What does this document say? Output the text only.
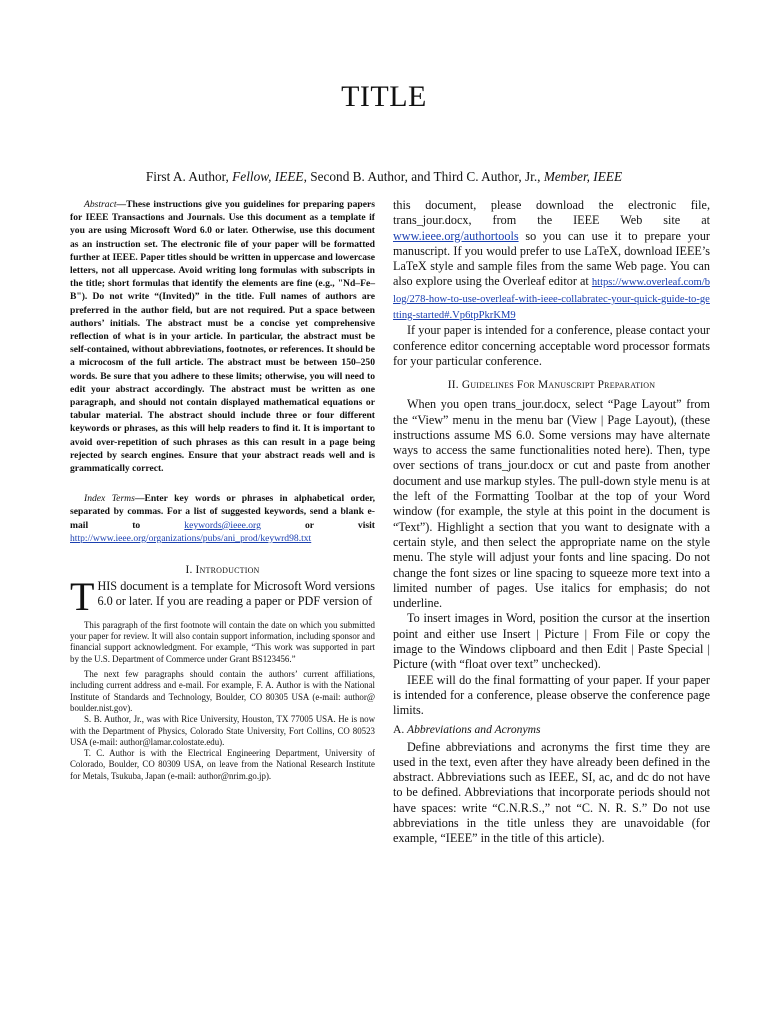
TITLE
First A. Author, Fellow, IEEE, Second B. Author, and Third C. Author, Jr., Member, IEEE

Abstract—These instructions give you guidelines for preparing papers for IEEE Transactions and Journals. Use this document as a template if you are using Microsoft Word 6.0 or later. Otherwise, use this document as an instruction set. The electronic file of your paper will be formatted further at IEEE. Paper titles should be written in uppercase and lowercase letters, not all uppercase. Avoid writing long formulas with subscripts in the title; short formulas that identify the elements are fine (e.g., "Nd–Fe–B"). Do not write “(Invited)” in the title. Full names of authors are preferred in the author field, but are not required. Put a space between authors’ initials. The abstract must be a concise yet comprehensive reflection of what is in your article. In particular, the abstract must be self-contained, without abbreviations, footnotes, or references. It should be a microcosm of the full article. The abstract must be between 150–250 words. Be sure that you adhere to these limits; otherwise, you will need to edit your abstract accordingly. The abstract must be written as one paragraph, and should not contain displayed mathematical equations or tabular material. The abstract should include three or four different keywords or phrases, as this will help readers to find it. It is important to avoid over-repetition of such phrases as this can result in a page being rejected by search engines. Ensure that your abstract reads well and is grammatically correct.

Index Terms—Enter key words or phrases in alphabetical order, separated by commas. For a list of suggested keywords, send a blank e-mail to keywords@ieee.org or visit http://www.ieee.org/organizations/pubs/ani_prod/keywrd98.txt

I. Introduction

THIS document is a template for Microsoft Word versions 6.0 or later. If you are reading a paper or PDF version of

This paragraph of the first footnote will contain the date on which you submitted your paper for review. It will also contain support information, including sponsor and financial support acknowledgment. For example, “This work was supported in part by the U.S. Department of Commerce under Grant BS123456.”

The next few paragraphs should contain the authors’ current affiliations, including current address and e-mail. For example, F. A. Author is with the National Institute of Standards and Technology, Boulder, CO 80305 USA (e-mail: author@ boulder.nist.gov).

S. B. Author, Jr., was with Rice University, Houston, TX 77005 USA. He is now with the Department of Physics, Colorado State University, Fort Collins, CO 80523 USA (e-mail: author@lamar.colostate.edu).

T. C. Author is with the Electrical Engineering Department, University of Colorado, Boulder, CO 80309 USA, on leave from the National Research Institute for Metals, Tsukuba, Japan (e-mail: author@nrim.go.jp).

this document, please download the electronic file, trans_jour.docx, from the IEEE Web site at www.ieee.org/authortools so you can use it to prepare your manuscript. If you would prefer to use LaTeX, download IEEE’s LaTeX style and sample files from the same Web page. You can also explore using the Overleaf editor at https://www.overleaf.com/blog/278-how-to-use-overleaf-with-ieee-collabratec-your-quick-guide-to-getting-started#.Vp6tpPkrKM9

If your paper is intended for a conference, please contact your conference editor concerning acceptable word processor formats for your particular conference.

II. Guidelines For Manuscript Preparation

When you open trans_jour.docx, select “Page Layout” from the “View” menu in the menu bar (View | Page Layout), (these instructions assume MS 6.0. Some versions may have alternate ways to access the same functionalities noted here). Then, type over sections of trans_jour.docx or cut and paste from another document and use markup styles. The pull-down style menu is at the left of the Formatting Toolbar at the top of your Word window (for example, the style at this point in the document is “Text”). Highlight a section that you want to designate with a certain style, and then select the appropriate name on the style menu. The style will adjust your fonts and line spacing. Do not change the font sizes or line spacing to squeeze more text into a limited number of pages. Use italics for emphasis; do not underline.

To insert images in Word, position the cursor at the insertion point and either use Insert | Picture | From File or copy the image to the Windows clipboard and then Edit | Paste Special | Picture (with “float over text” unchecked).

IEEE will do the final formatting of your paper. If your paper is intended for a conference, please observe the conference page limits.

A. Abbreviations and Acronyms

Define abbreviations and acronyms the first time they are used in the text, even after they have already been defined in the abstract. Abbreviations such as IEEE, SI, ac, and dc do not have to be defined. Abbreviations that incorporate periods should not have spaces: write “C.N.R.S.,” not “C. N. R. S.” Do not use abbreviations in the title unless they are unavoidable (for example, “IEEE” in the title of this article).
